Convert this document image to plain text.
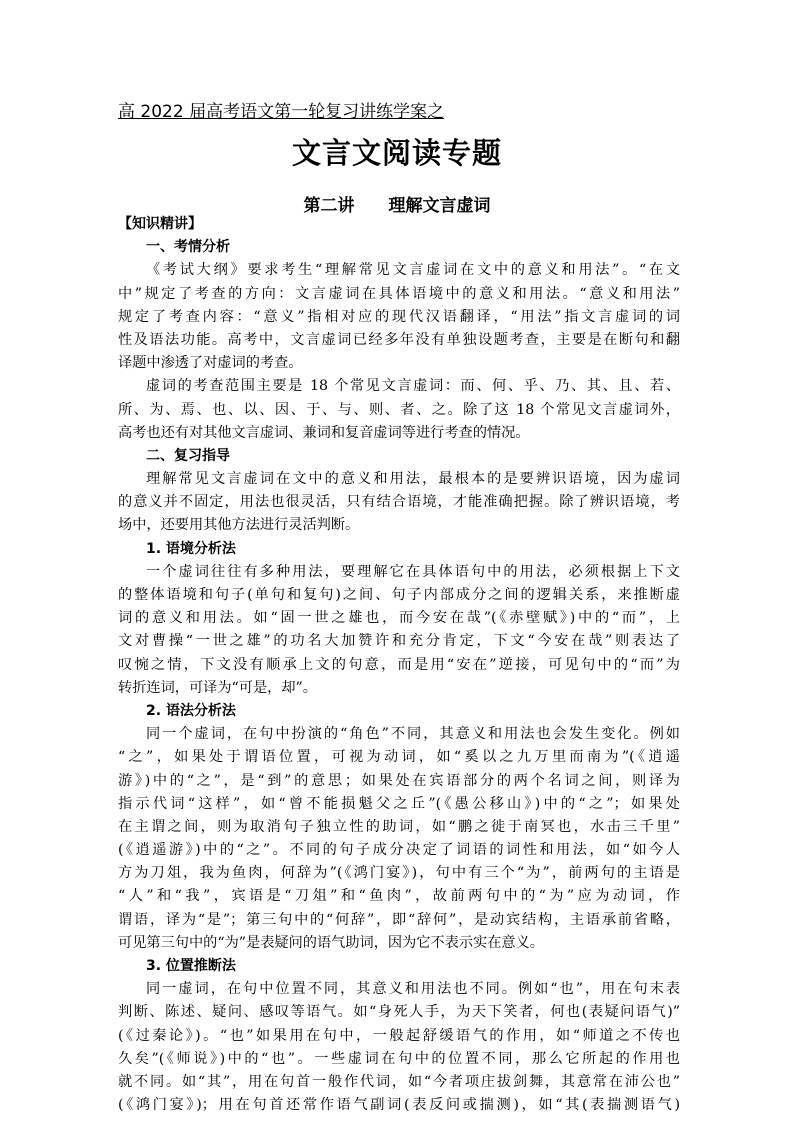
高 2022 届高考语文第一轮复习讲练学案之
文言文阅读专题
第二讲　　理解文言虚词
【知识精讲】
一、考情分析
《考试大纲》要求考生“理解常见文言虚词在文中的意义和用法”。“在文
中”规定了考查的方向：文言虚词在具体语境中的意义和用法。“意义和用法”
规定了考查内容：“意义”指相对应的现代汉语翻译，“用法”指文言虚词的词
性及语法功能。高考中，文言虚词已经多年没有单独设题考查，主要是在断句和翻
译题中渗透了对虚词的考查。
虚词的考查范围主要是 18 个常见文言虚词：而、何、乎、乃、其、且、若、
所、为、焉、也、以、因、于、与、则、者、之。除了这 18 个常见文言虚词外，
高考也还有对其他文言虚词、兼词和复音虚词等进行考查的情况。
二、复习指导
理解常见文言虚词在文中的意义和用法，最根本的是要辨识语境，因为虚词
的意义并不固定，用法也很灵活，只有结合语境，才能准确把握。除了辨识语境，考
场中，还要用其他方法进行灵活判断。
1. 语境分析法
一个虚词往往有多种用法，要理解它在具体语句中的用法，必须根据上下文
的整体语境和句子(单句和复句)之间、句子内部成分之间的逻辑关系，来推断虚
词的意义和用法。如“固一世之雄也，而今安在哉”(《赤壁赋》)中的“而”，上
文对曹操“一世之雄”的功名大加赞许和充分肯定，下文“今安在哉”则表达了
叹惋之情，下文没有顺承上文的句意，而是用“安在”逆接，可见句中的“而”为
转折连词，可译为“可是，却”。
2. 语法分析法
同一个虚词，在句中扮演的“角色”不同，其意义和用法也会发生变化。例如
“之”，如果处于谓语位置，可视为动词，如“奚以之九万里而南为”(《逍遥
游》)中的“之”，是“到”的意思；如果处在宾语部分的两个名词之间，则译为
指示代词“这样”，如“曾不能损魁父之丘”(《愚公移山》)中的“之”；如果处
在主谓之间，则为取消句子独立性的助词，如“鹏之徙于南冥也，水击三千里”
(《逍遥游》)中的“之”。不同的句子成分决定了词语的词性和用法，如“如今人
方为刀俎，我为鱼肉，何辞为”(《鸿门宴》)，句中有三个“为”，前两句的主语是
“人”和“我”，宾语是“刀俎”和“鱼肉”，故前两句中的“为”应为动词，作
谓语，译为“是”；第三句中的“何辞”，即“辞何”，是动宾结构，主语承前省略，
可见第三句中的“为”是表疑问的语气助词，因为它不表示实在意义。
3. 位置推断法
同一虚词，在句中位置不同，其意义和用法也不同。例如“也”，用在句末表
判断、陈述、疑问、感叹等语气。如“身死人手，为天下笑者，何也(表疑问语气)”
(《过秦论》)。“也”如果用在句中，一般起舒缓语气的作用，如“师道之不传也
久矣”(《师说》)中的“也”。一些虚词在句中的位置不同，那么它所起的作用也
就不同。如“其”，用在句首一般作代词，如“今者项庄拔剑舞，其意常在沛公也”
(《鸿门宴》)；用在句首还常作语气副词(表反问或揣测)，如“其(表揣测语气)
